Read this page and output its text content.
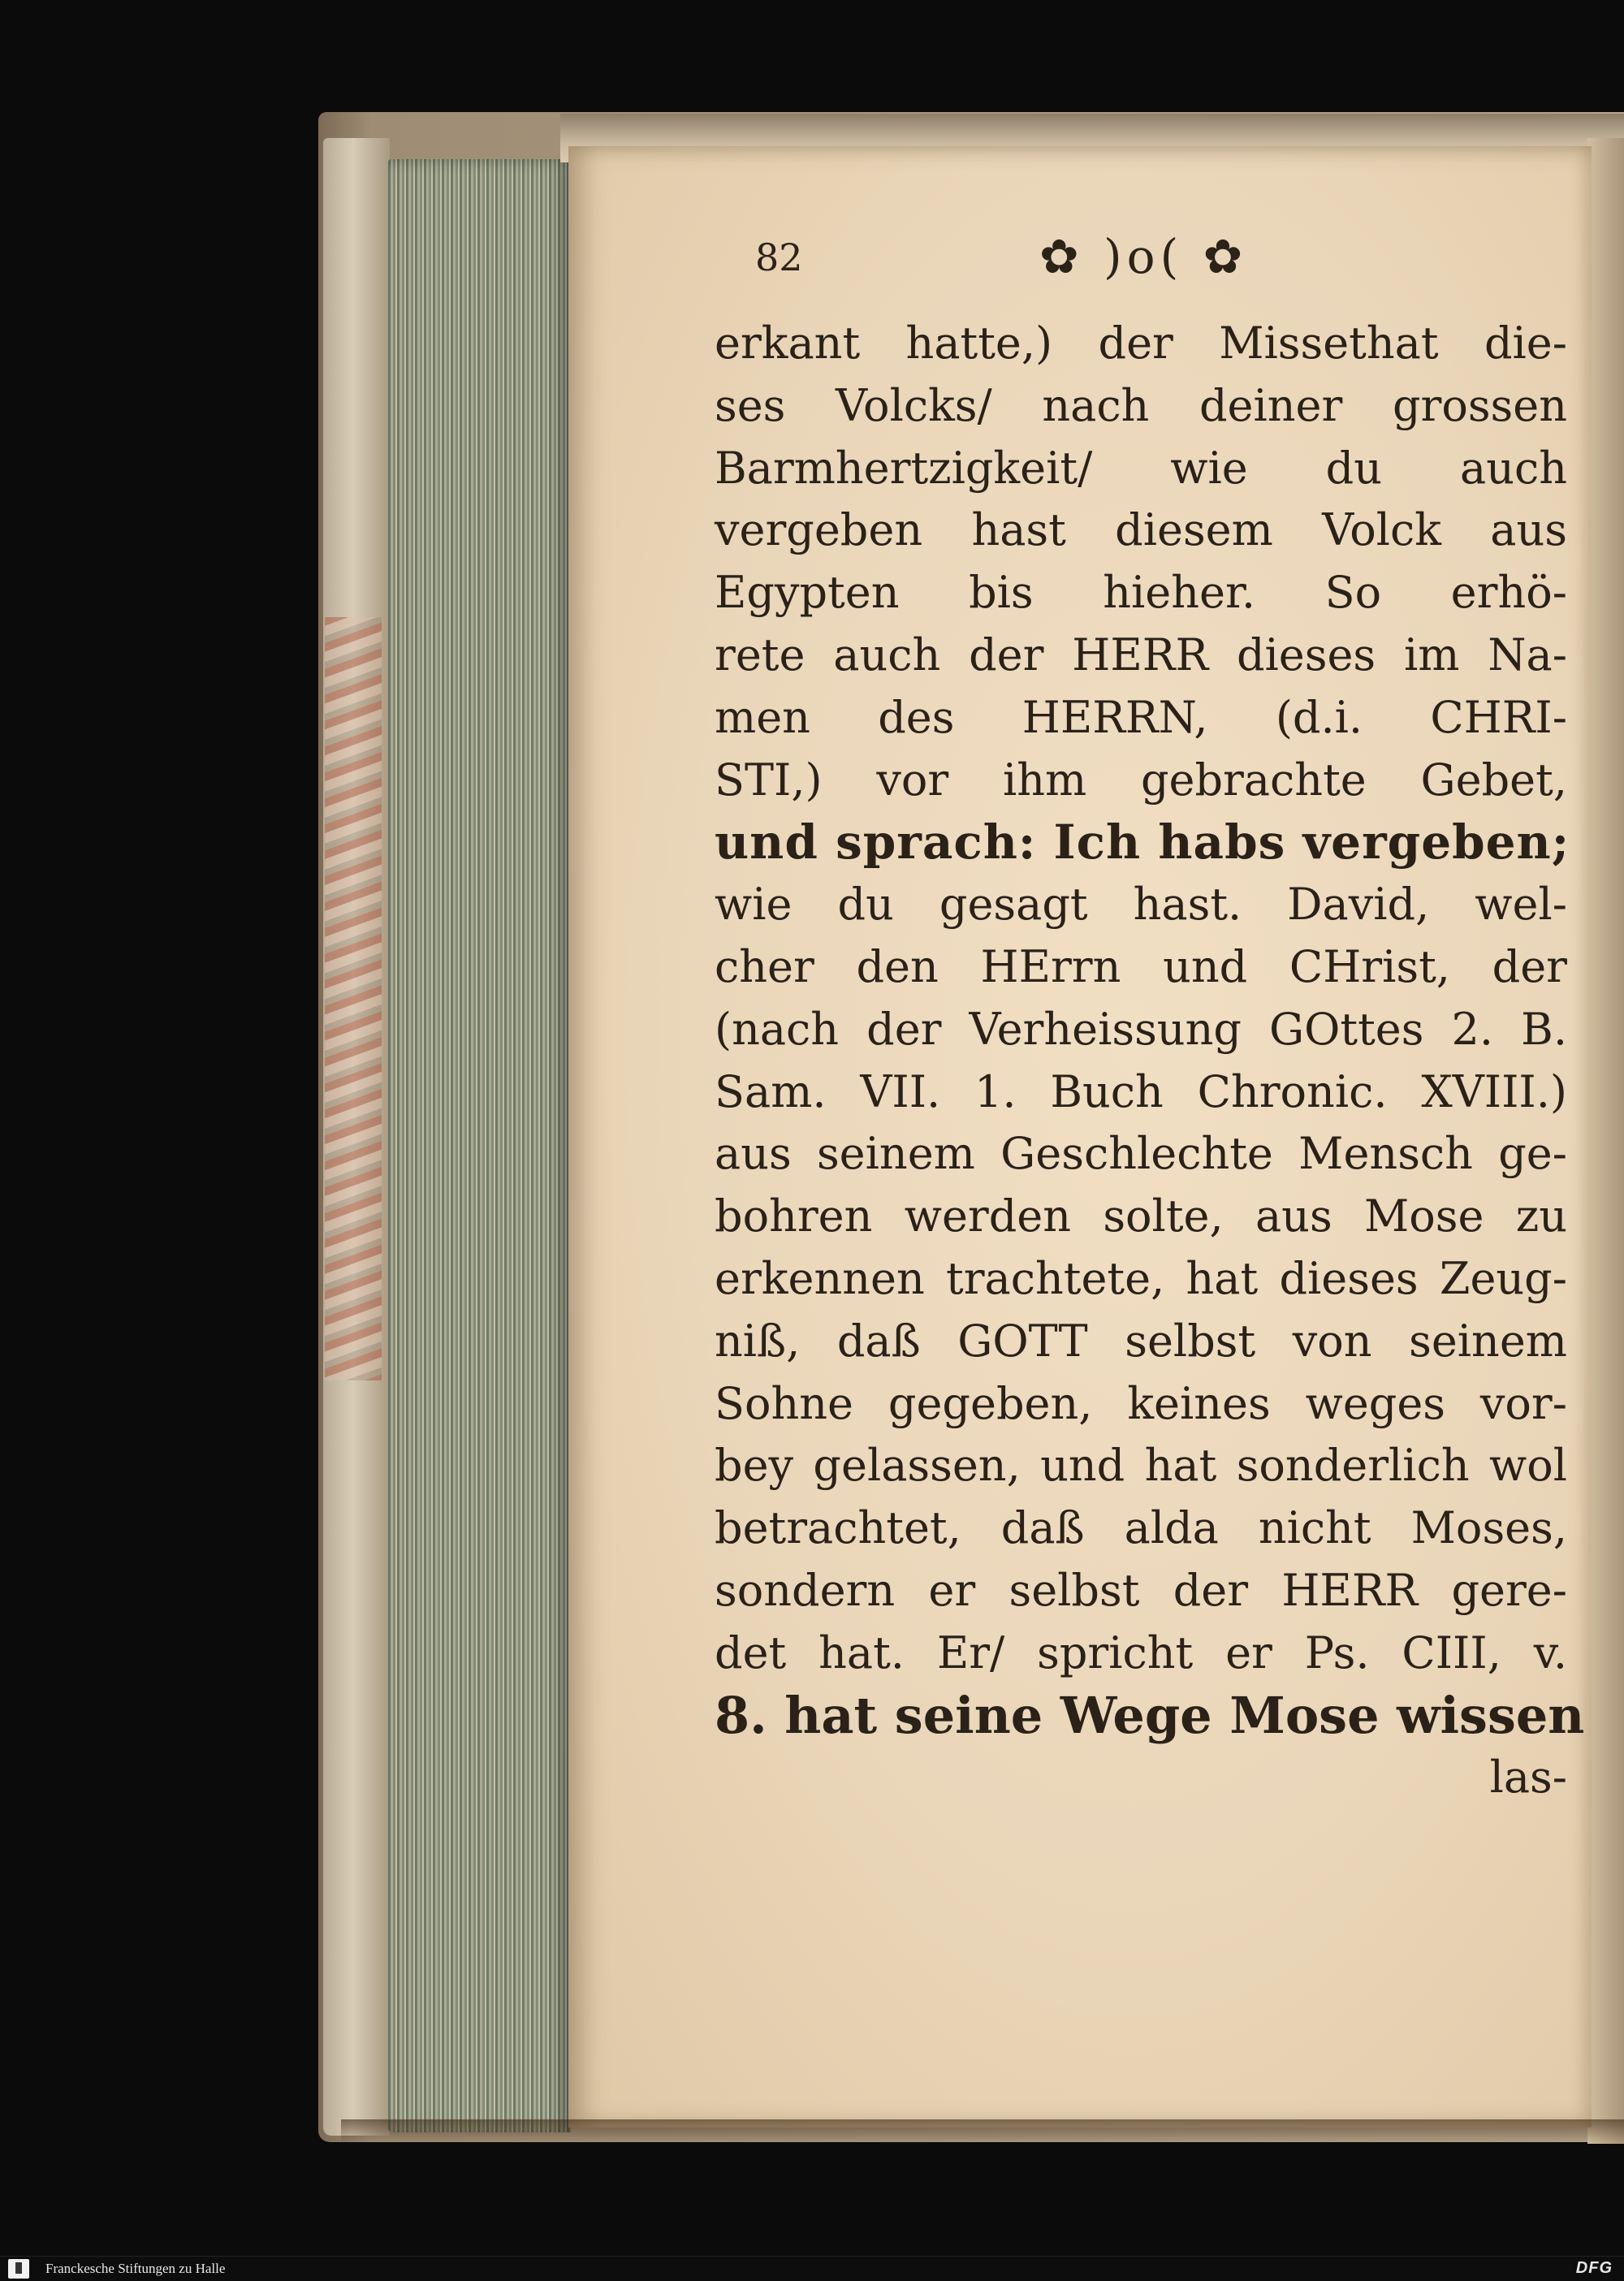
82	✿ )o( ✿
erkant hatte,) der Missethat die-
ses Volcks/ nach deiner grossen
Barmhertzigkeit/ wie du auch
vergeben hast diesem Volck aus
Egypten bis hieher. So erhö-
rete auch der HERR dieses im Na-
men des HERRN, (d.i. CHRI-
STI,) vor ihm gebrachte Gebet,
und sprach: Ich habs vergeben;
wie du gesagt hast. David, wel-
cher den HErrn und CHrist, der
(nach der Verheissung GOttes 2. B.
Sam. VII. 1. Buch Chronic. XVIII.)
aus seinem Geschlechte Mensch ge-
bohren werden solte, aus Mose zu
erkennen trachtete, hat dieses Zeug-
niß, daß GOTT selbst von seinem
Sohne gegeben, keines weges vor-
bey gelassen, und hat sonderlich wol
betrachtet, daß alda nicht Moses,
sondern er selbst der HERR gere-
det hat. Er/ spricht er Ps. CIII, v.
8. hat seine Wege Mose wissen
las-

Franckesche Stiftungen zu Halle	DFG
